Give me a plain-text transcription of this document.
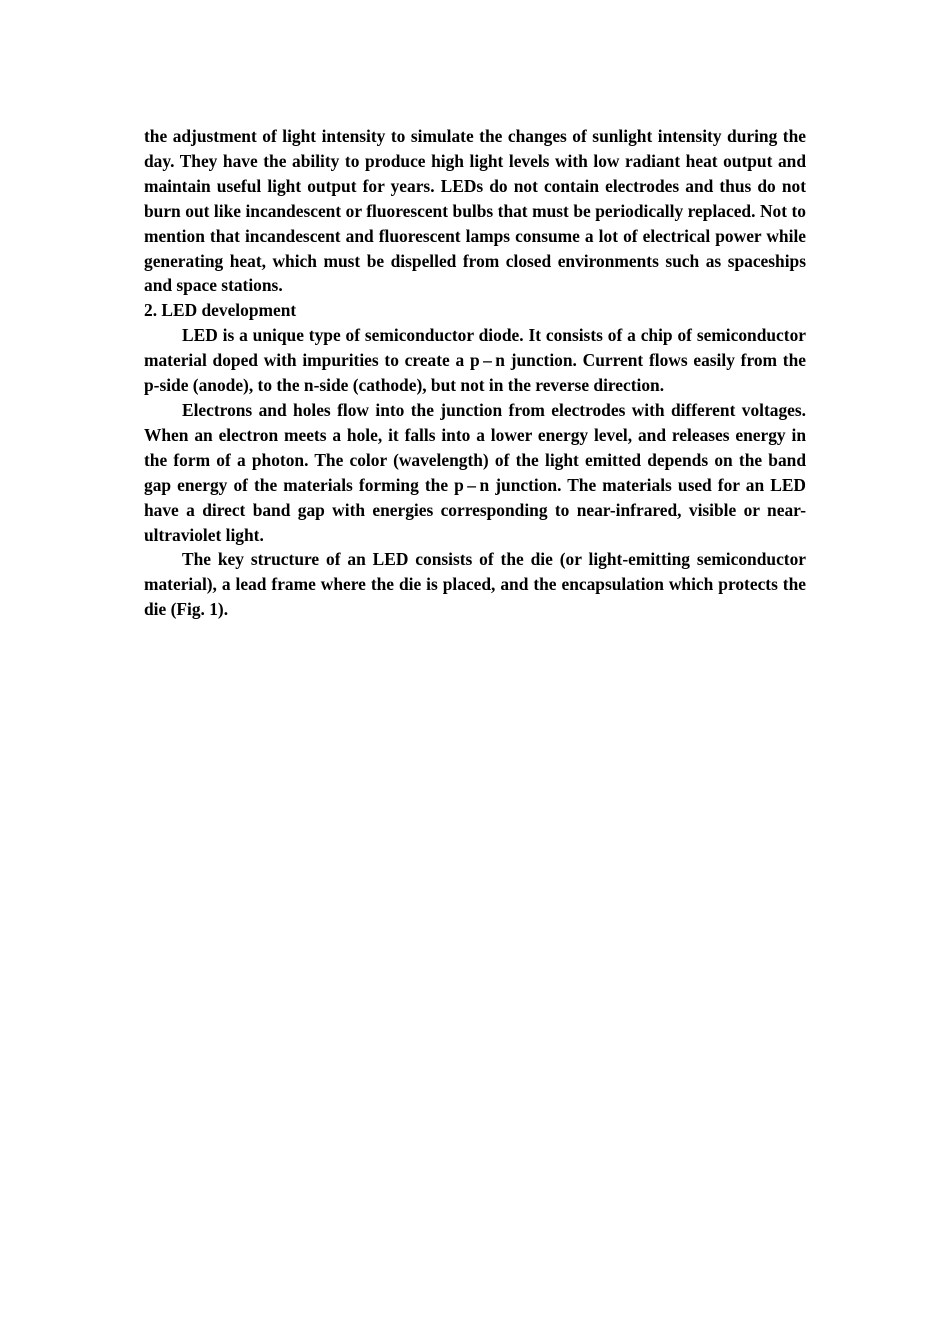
the adjustment of light intensity to simulate the changes of sunlight intensity during the day. They have the ability to produce high light levels with low radiant heat output and maintain useful light output for years. LEDs do not contain electrodes and thus do not burn out like incandescent or fluorescent bulbs that must be periodically replaced. Not to mention that incandescent and fluorescent lamps consume a lot of electrical power while generating heat, which must be dispelled from closed environments such as spaceships and space stations.

2. LED development

LED is a unique type of semiconductor diode. It consists of a chip of semiconductor material doped with impurities to create a p – n junction. Current flows easily from the p-side (anode), to the n-side (cathode), but not in the reverse direction.

Electrons and holes flow into the junction from electrodes with different voltages. When an electron meets a hole, it falls into a lower energy level, and releases energy in the form of a photon. The color (wavelength) of the light emitted depends on the band gap energy of the materials forming the p – n junction. The materials used for an LED have a direct band gap with energies corresponding to near-infrared, visible or near-ultraviolet light.

The key structure of an LED consists of the die (or light-emitting semiconductor material), a lead frame where the die is placed, and the encapsulation which protects the die (Fig. 1).
